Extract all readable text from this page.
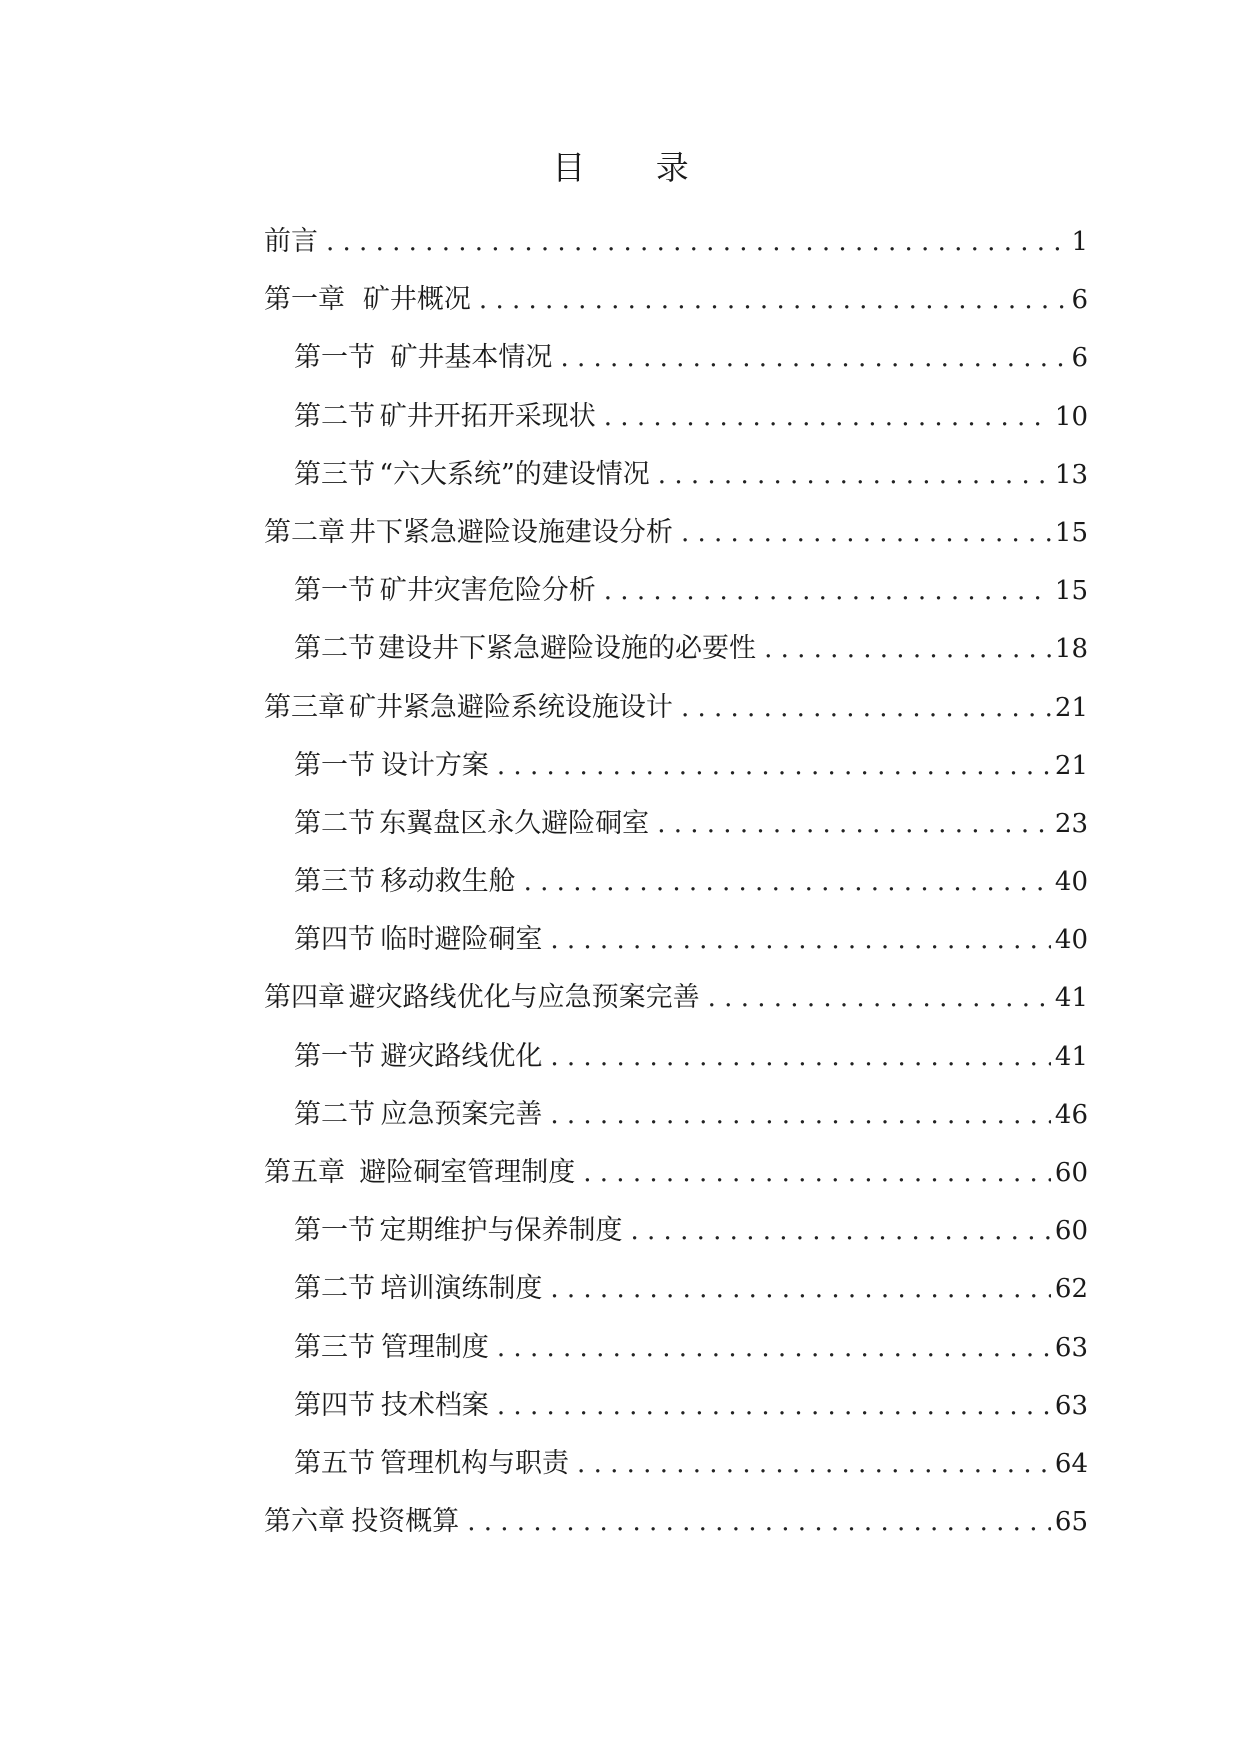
目 录
前言 . . .	1
第一章 矿井概况 . . .	6
第一节 矿井基本情况 . . .	6
第二节 矿井开拓开采现状 . . .	10
第三节 “六大系统”的建设情况 . . .	13
第二章 井下紧急避险设施建设分析 . . .	15
第一节 矿井灾害危险分析 . . .	15
第二节 建设井下紧急避险设施的必要性 . . .	18
第三章 矿井紧急避险系统设施设计 . . .	21
第一节 设计方案 . . .	21
第二节 东翼盘区永久避险硐室 . . .	23
第三节 移动救生舱 . . .	40
第四节 临时避险硐室 . . .	40
第四章 避灾路线优化与应急预案完善 . . .	41
第一节 避灾路线优化 . . .	41
第二节 应急预案完善 . . .	46
第五章 避险硐室管理制度 . . .	60
第一节 定期维护与保养制度 . . .	60
第二节 培训演练制度 . . .	62
第三节 管理制度 . . .	63
第四节 技术档案 . . .	63
第五节 管理机构与职责 . . .	64
第六章 投资概算 . . .	65
